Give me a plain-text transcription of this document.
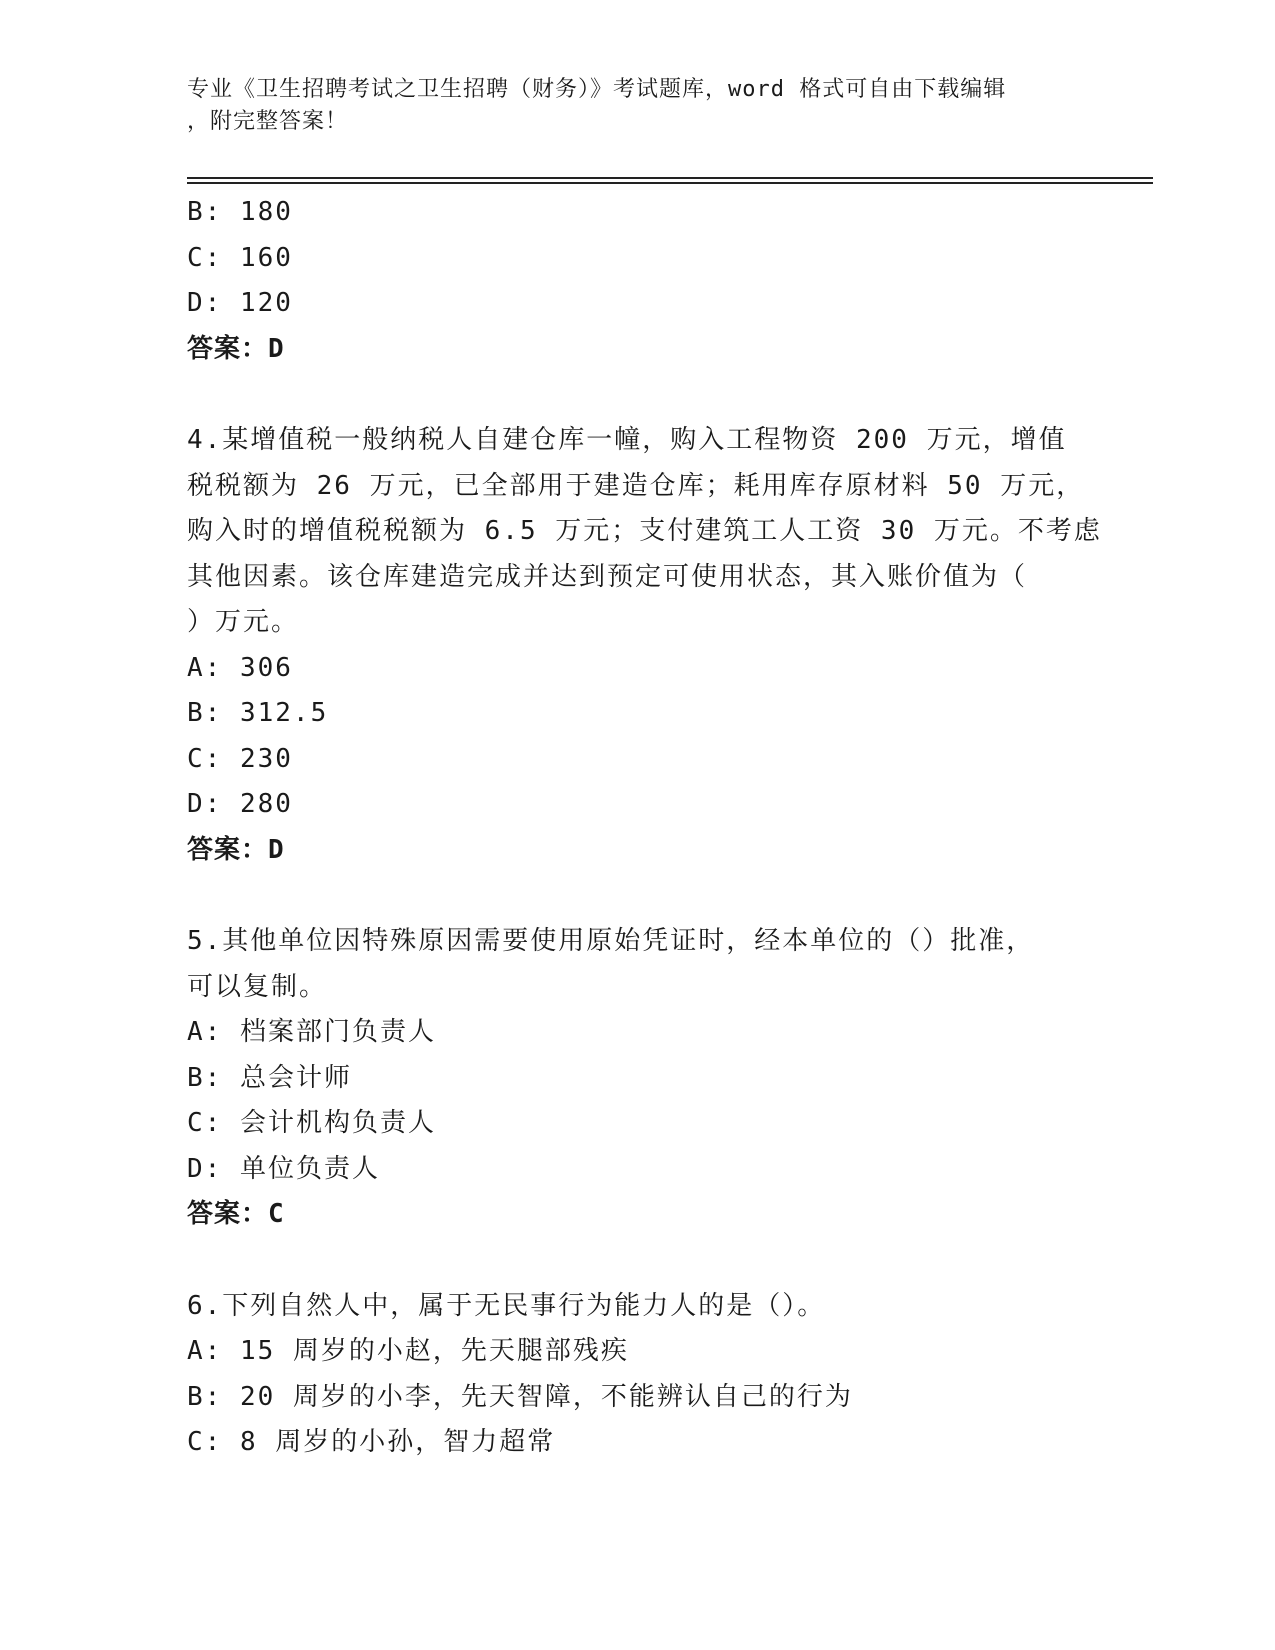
专业《卫生招聘考试之卫生招聘（财务）》考试题库，word 格式可自由下载编辑
，附完整答案！
B: 180
C: 160
D: 120
答案：D
4.某增值税一般纳税人自建仓库一幢，购入工程物资 200 万元，增值
税税额为 26 万元，已全部用于建造仓库；耗用库存原材料 50 万元，
购入时的增值税税额为 6.5 万元；支付建筑工人工资 30 万元。不考虑
其他因素。该仓库建造完成并达到预定可使用状态，其入账价值为（
）万元。
A: 306
B: 312.5
C: 230
D: 280
答案：D
5.其他单位因特殊原因需要使用原始凭证时，经本单位的（）批准，
可以复制。
A: 档案部门负责人
B: 总会计师
C: 会计机构负责人
D: 单位负责人
答案：C
6.下列自然人中，属于无民事行为能力人的是（）。
A: 15 周岁的小赵，先天腿部残疾
B: 20 周岁的小李，先天智障，不能辨认自己的行为
C: 8 周岁的小孙，智力超常
